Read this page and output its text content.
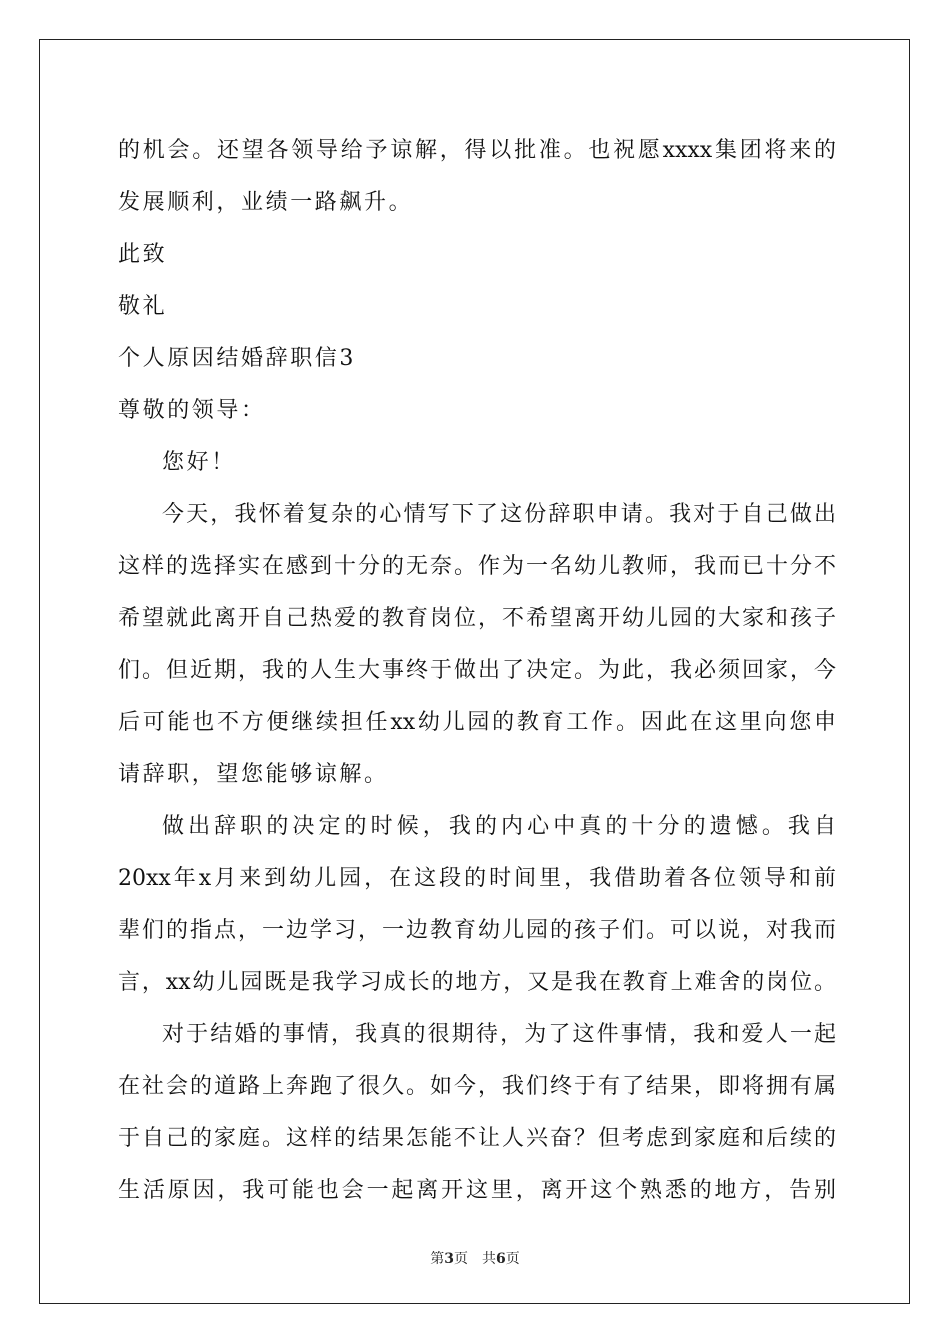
的机会。还望各领导给予谅解，得以批准。也祝愿xxxx集团将来的
发展顺利，业绩一路飙升。
此致
敬礼
个人原因结婚辞职信3
尊敬的领导：
您好！
今天，我怀着复杂的心情写下了这份辞职申请。我对于自己做出
这样的选择实在感到十分的无奈。作为一名幼儿教师，我而已十分不
希望就此离开自己热爱的教育岗位，不希望离开幼儿园的大家和孩子
们。但近期，我的人生大事终于做出了决定。为此，我必须回家，今
后可能也不方便继续担任xx幼儿园的教育工作。因此在这里向您申
请辞职，望您能够谅解。
做出辞职的决定的时候，我的内心中真的十分的遗憾。我自
20xx年x月来到幼儿园，在这段的时间里，我借助着各位领导和前
辈们的指点，一边学习，一边教育幼儿园的孩子们。可以说，对我而
言，xx幼儿园既是我学习成长的地方，又是我在教育上难舍的岗位。
对于结婚的事情，我真的很期待，为了这件事情，我和爱人一起
在社会的道路上奔跑了很久。如今，我们终于有了结果，即将拥有属
于自己的家庭。这样的结果怎能不让人兴奋？但考虑到家庭和后续的
生活原因，我可能也会一起离开这里，离开这个熟悉的地方，告别
第3页　共6页
